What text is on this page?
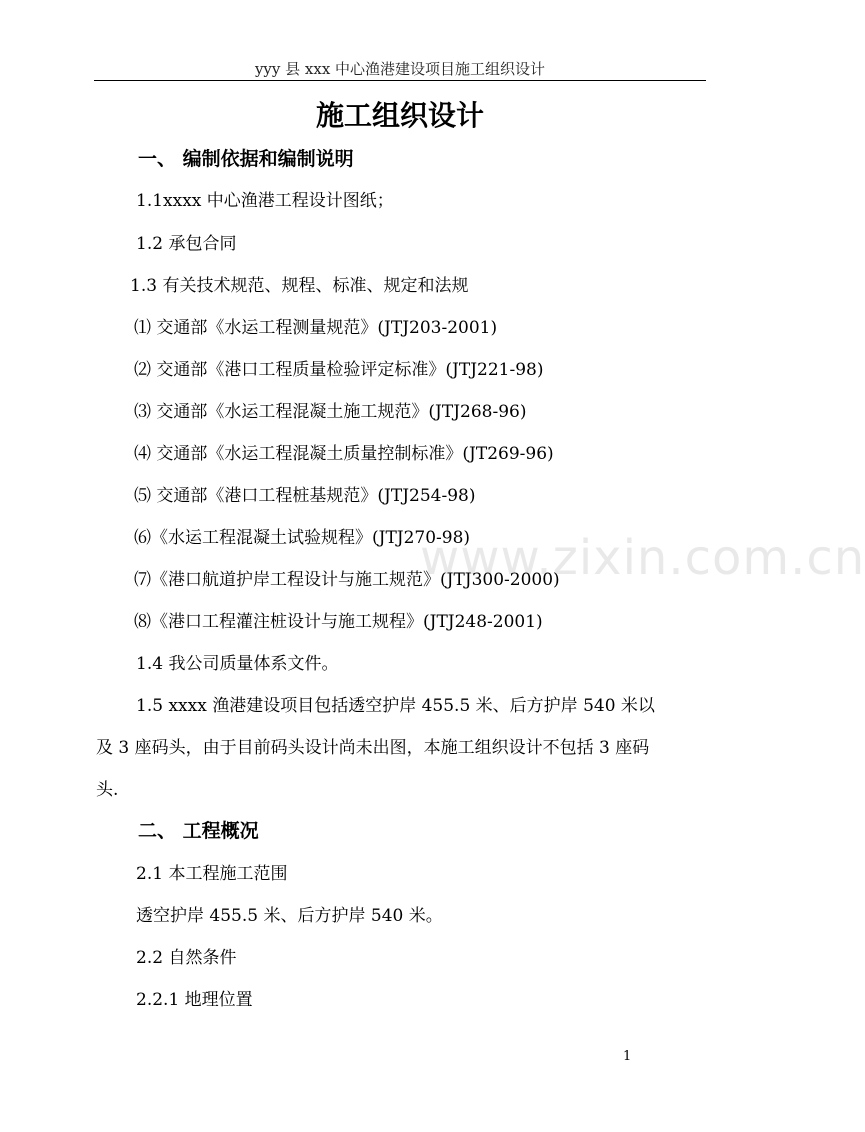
yyy 县 xxx 中心渔港建设项目施工组织设计
施工组织设计
一、 编制依据和编制说明
1.1xxxx 中心渔港工程设计图纸；
1.2 承包合同
1.3 有关技术规范、规程、标准、规定和法规
⑴ 交通部《水运工程测量规范》(JTJ203-2001)
⑵ 交通部《港口工程质量检验评定标准》(JTJ221-98)
⑶ 交通部《水运工程混凝土施工规范》(JTJ268-96)
⑷ 交通部《水运工程混凝土质量控制标准》(JT269-96)
⑸ 交通部《港口工程桩基规范》(JTJ254-98)
⑹《水运工程混凝土试验规程》(JTJ270-98)
⑺《港口航道护岸工程设计与施工规范》(JTJ300-2000)
⑻《港口工程灌注桩设计与施工规程》(JTJ248-2001)
1.4 我公司质量体系文件。
1.5 xxxx 渔港建设项目包括透空护岸 455.5 米、后方护岸 540 米以
及 3 座码头，由于目前码头设计尚未出图，本施工组织设计不包括 3 座码
头.
二、 工程概况
2.1 本工程施工范围
透空护岸 455.5 米、后方护岸 540 米。
2.2 自然条件
2.2.1 地理位置
www.zixin.com.cn
1
